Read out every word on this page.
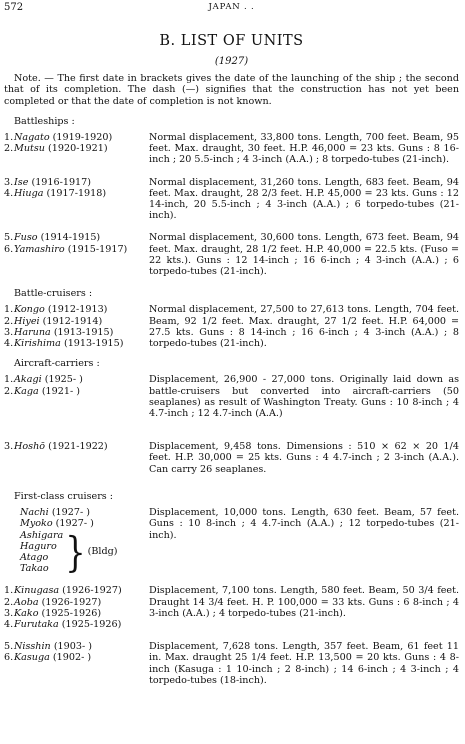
572	JAPAN . .
B. LIST OF UNITS
(1927)
Note. — The first date in brackets gives the date of the launching of the ship ; the second that of its completion. The dash (—) signifies that the construction has not yet been completed or that the date of completion is not known.
Battleships :
1.Nagato (1919-1920)
2.Mutsu (1920-1921)
Normal displacement, 33,800 tons. Length, 700 feet. Beam, 95 feet. Max. draught, 30 feet. H.P. 46,000 = 23 kts. Guns : 8 16-inch ; 20 5.5-inch ; 4 3-inch (A.A.) ; 8 torpedo-tubes (21-inch).
3.Ise (1916-1917)
4.Hiuga (1917-1918)
Normal displacement, 31,260 tons. Length, 683 feet. Beam, 94 feet. Max. draught, 28 2/3 feet. H.P. 45,000 = 23 kts. Guns : 12 14-inch, 20 5.5-inch ; 4 3-inch (A.A.) ; 6 torpedo-tubes (21-inch).
5.Fuso (1914-1915)
6.Yamashiro (1915-1917)
Normal displacement, 30,600 tons. Length, 673 feet. Beam, 94 feet. Max. draught, 28 1/2 feet. H.P. 40,000 = 22.5 kts. (Fuso = 22 kts.). Guns : 12 14-inch ; 16 6-inch ; 4 3-inch (A.A.) ; 6 torpedo-tubes (21-inch).
Battle-cruisers :
1.Kongo (1912-1913)
2.Hiyei (1912-1914)
3.Haruna (1913-1915)
4.Kirishima (1913-1915)
Normal displacement, 27,500 to 27,613 tons. Length, 704 feet. Beam, 92 1/2 feet. Max. draught, 27 1/2 feet. H.P. 64,000 = 27.5 kts. Guns : 8 14-inch ; 16 6-inch ; 4 3-inch (A.A.) ; 8 torpedo-tubes (21-inch).
Aircraft-carriers :
1.Akagi (1925- )
2.Kaga (1921- )
Displacement, 26,900 - 27,000 tons. Originally laid down as battle-cruisers but converted into aircraft-carriers (50 seaplanes) as result of Washington Treaty. Guns : 10 8-inch ; 4 4.7-inch ; 12 4.7-inch (A.A.)
3.Hoshō (1921-1922)	Displacement, 9,458 tons. Dimensions : 510 × 62 × 20 1/4 feet. H.P. 30,000 = 25 kts. Guns : 4 4.7-inch ; 2 3-inch (A.A.). Can carry 26 seaplanes.
First-class cruisers :
Nachi (1927- )
Myoko (1927- )
Ashigara
Haguro
Atago
Takao } (Bldg)
Displacement, 10,000 tons. Length, 630 feet. Beam, 57 feet. Guns : 10 8-inch ; 4 4.7-inch (A.A.) ; 12 torpedo-tubes (21-inch).
1.Kinugasa (1926-1927)
2.Aoba (1926-1927)
3.Kako (1925-1926)
4.Furutaka (1925-1926)
Displacement, 7,100 tons. Length, 580 feet. Beam, 50 3/4 feet. Draught 14 3/4 feet. H. P. 100,000 = 33 kts. Guns : 6 8-inch ; 4 3-inch (A.A.) ; 4 torpedo-tubes (21-inch).
5.Nisshin (1903- )
6.Kasuga (1902- )
Displacement, 7,628 tons. Length, 357 feet. Beam, 61 feet 11 in. Max. draught 25 1/4 feet. H.P. 13,500 = 20 kts. Guns : 4 8-inch (Kasuga : 1 10-inch ; 2 8-inch) ; 14 6-inch ; 4 3-inch ; 4 torpedo-tubes (18-inch).
